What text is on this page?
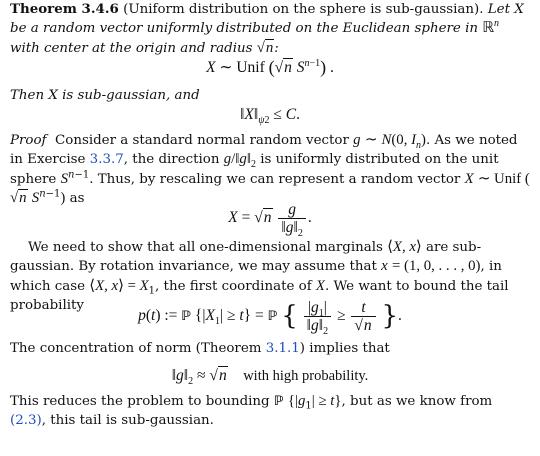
Theorem 3.4.6 (Uniform distribution on the sphere is sub-gaussian). Let X be a random vector uniformly distributed on the Euclidean sphere in ℝ$^n$ with center at the origin and radius √n:

X ∼ Unif (√n $S^{n-1}$) .

Then X is sub-gaussian, and

$‖X‖_{\psi 2} \le C$.

Proof Consider a standard normal random vector g ∼ N(0, $I_n$). As we noted in Exercise 3.3.7, the direction $g/‖g‖_2$ is uniformly distributed on the unit sphere $S^{n-1}$. Thus, by rescaling we can represent a random vector X ∼ Unif (√n $S^{n-1}$) as

$X = √n \frac{g}{‖g‖_2}$ .

We need to show that all one-dimensional marginals ⟨X, x⟩ are sub-gaussian. By rotation invariance, we may assume that x = (1, 0, . . . , 0), in which case ⟨X, x⟩ = $X_1$, the first coordinate of X. We want to bound the tail probability

p(t) := ℙ $\{|X_1| \ge t\}$ = ℙ { $\frac{|g_1|}{‖g‖_2} \ge \frac{t}{√n}$ }.

The concentration of norm (Theorem 3.1.1) implies that

$‖g‖_2 \approx √n$ with high probability.

This reduces the problem to bounding ℙ $\{|g_1| \ge t\}$, but as we know from (2.3), this tail is sub-gaussian.
